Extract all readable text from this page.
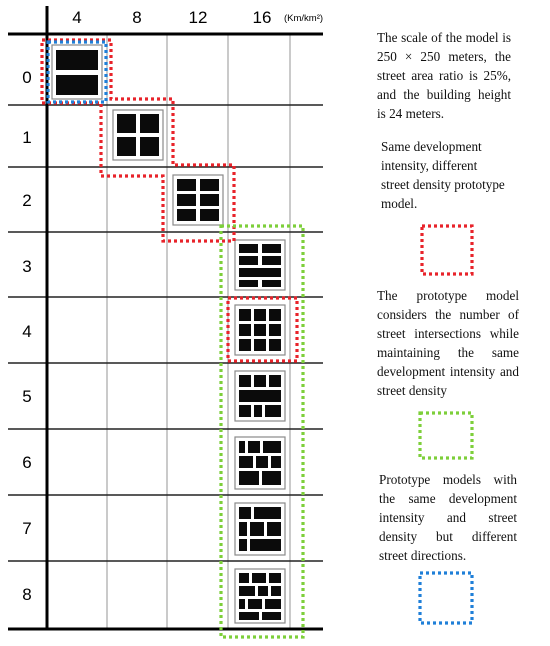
4	8	12	16 (Km/km²)
0
1
2
3
4
5
6
7
8

The scale of the model is 250 × 250 meters, the street area ratio is 25%, and the building height is 24 meters.

Same development intensity, different street density prototype model.

The prototype model considers the number of street intersections while maintaining the same development intensity and street density

Prototype models with the same development intensity and street density but different street directions.
